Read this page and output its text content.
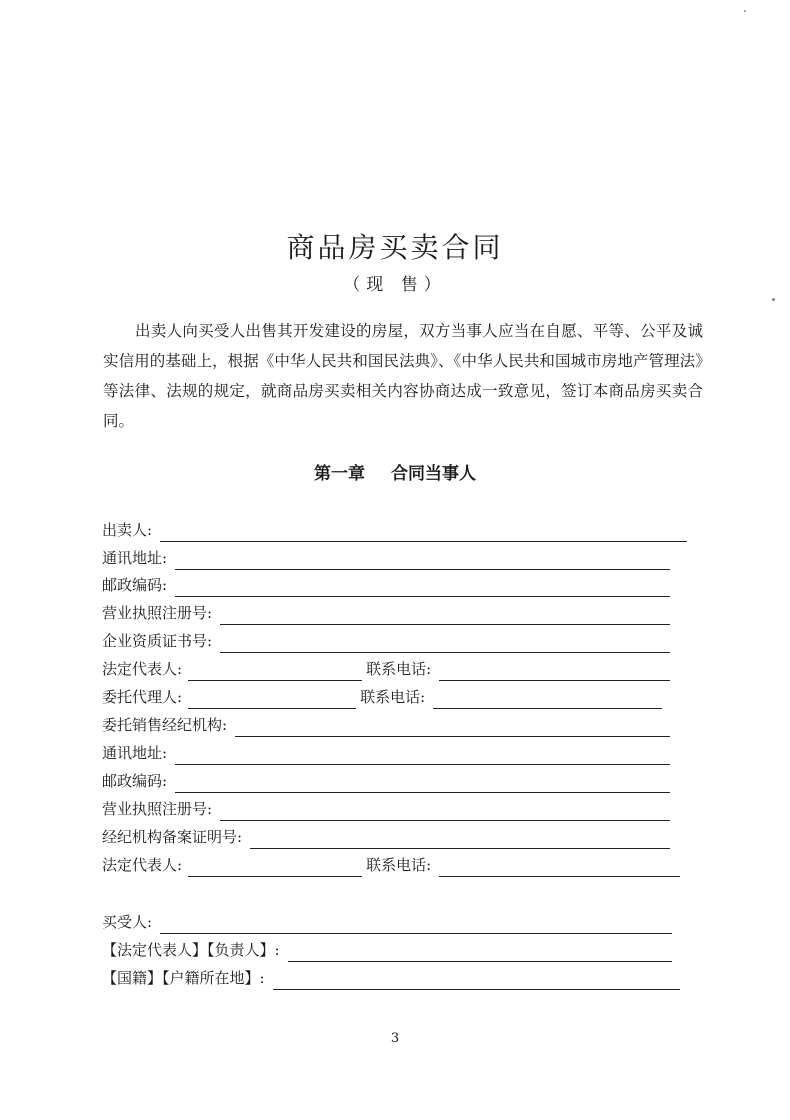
商品房买卖合同
（现 售）

出卖人向买受人出售其开发建设的房屋，双方当事人应当在自愿、平等、公平及诚实信用的基础上，根据《中华人民共和国民法典》、《中华人民共和国城市房地产管理法》等法律、法规的规定，就商品房买卖相关内容协商达成一致意见，签订本商品房买卖合同。

第一章 合同当事人
出卖人:
通讯地址:
邮政编码:
营业执照注册号:
企业资质证书号:
法定代表人:	联系电话:
委托代理人:	联系电话:
委托销售经纪机构:
通讯地址:
邮政编码:
营业执照注册号:
经纪机构备案证明号:
法定代表人:	联系电话:
买受人:
【法定代表人】【负责人】:
【国籍】【户籍所在地】:
3
